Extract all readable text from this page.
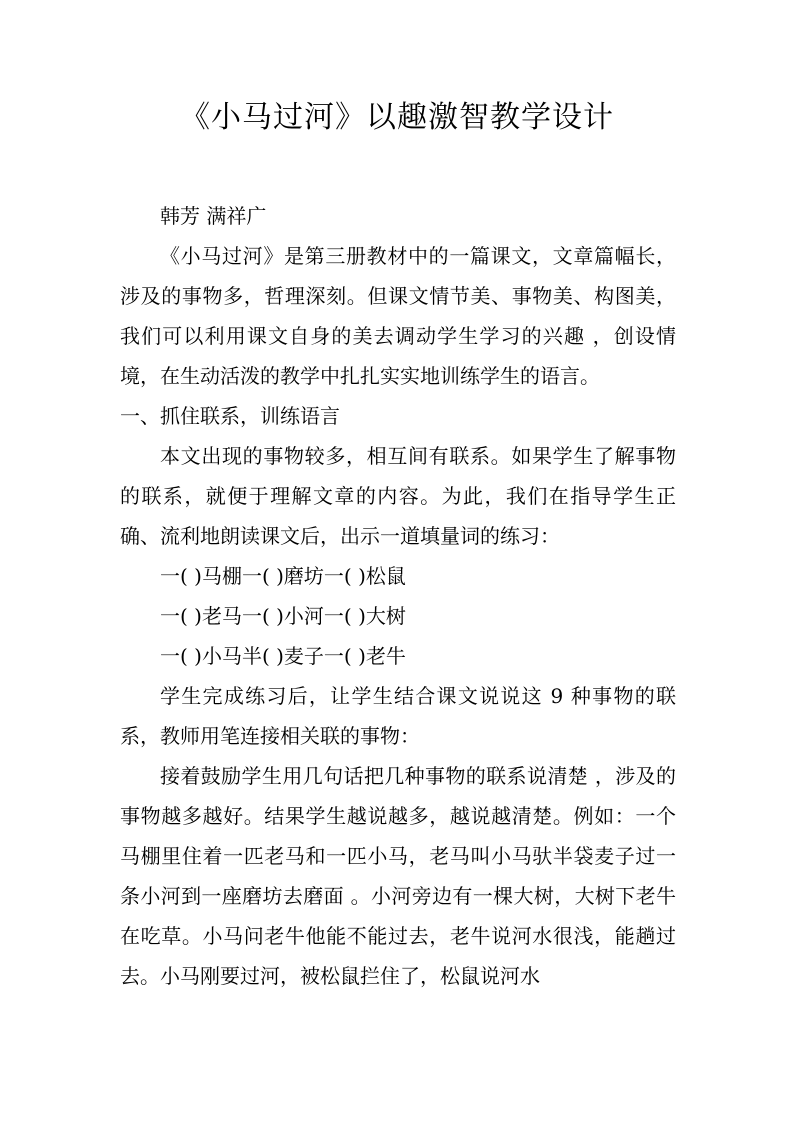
《小马过河》以趣激智教学设计

韩芳 满祥广

《小马过河》是第三册教材中的一篇课文，文章篇幅长，涉及的事物多，哲理深刻。但课文情节美、事物美、构图美，我们可以利用课文自身的美去调动学生学习的兴趣 ，创设情境，在生动活泼的教学中扎扎实实地训练学生的语言。

一、抓住联系，训练语言

本文出现的事物较多，相互间有联系。如果学生了解事物的联系，就便于理解文章的内容。为此，我们在指导学生正确、流利地朗读课文后，出示一道填量词的练习：

一( )马棚一( )磨坊一( )松鼠

一( )老马一( )小河一( )大树

一( )小马半( )麦子一( )老牛

学生完成练习后，让学生结合课文说说这 9 种事物的联系，教师用笔连接相关联的事物：

接着鼓励学生用几句话把几种事物的联系说清楚 ，涉及的事物越多越好。结果学生越说越多，越说越清楚。例如：一个马棚里住着一匹老马和一匹小马，老马叫小马驮半袋麦子过一条小河到一座磨坊去磨面 。小河旁边有一棵大树，大树下老牛在吃草。小马问老牛他能不能过去，老牛说河水很浅，能趟过去。小马刚要过河，被松鼠拦住了，松鼠说河水
